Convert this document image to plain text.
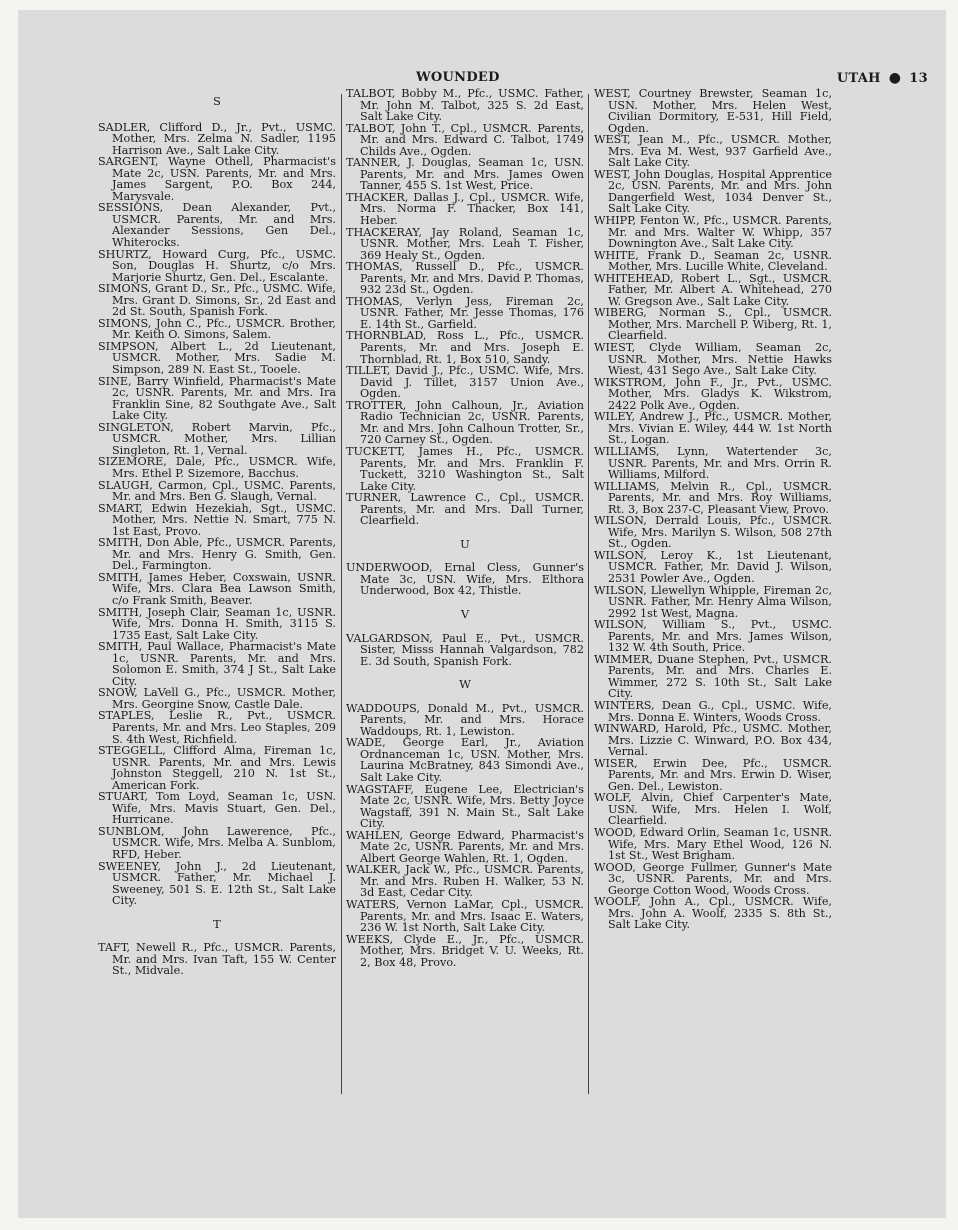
WOUNDED	UTAH ● 13

S

SADLER, Clifford D., Jr., Pvt., USMC. Mother, Mrs. Zelma N. Sadler, 1195 Harrison Ave., Salt Lake City.

SARGENT, Wayne Othell, Pharmacist's Mate 2c, USN. Parents, Mr. and Mrs. James Sargent, P.O. Box 244, Marysvale.

SESSIONS, Dean Alexander, Pvt., USMCR. Parents, Mr. and Mrs. Alexander Sessions, Gen Del., Whiterocks.

SHURTZ, Howard Curg, Pfc., USMC. Son, Douglas H. Shurtz, c/o Mrs. Marjorie Shurtz, Gen. Del., Escalante.

SIMONS, Grant D., Sr., Pfc., USMC. Wife, Mrs. Grant D. Simons, Sr., 2d East and 2d St. South, Spanish Fork.

SIMONS, John C., Pfc., USMCR. Brother, Mr. Keith O. Simons, Salem.

SIMPSON, Albert L., 2d Lieutenant, USMCR. Mother, Mrs. Sadie M. Simpson, 289 N. East St., Tooele.

SINE, Barry Winfield, Pharmacist's Mate 2c, USNR. Parents, Mr. and Mrs. Ira Franklin Sine, 82 Southgate Ave., Salt Lake City.

SINGLETON, Robert Marvin, Pfc., USMCR. Mother, Mrs. Lillian Singleton, Rt. 1, Vernal.

SIZEMORE, Dale, Pfc., USMCR. Wife, Mrs. Ethel P. Sizemore, Bacchus.

SLAUGH, Carmon, Cpl., USMC. Parents, Mr. and Mrs. Ben G. Slaugh, Vernal.

SMART, Edwin Hezekiah, Sgt., USMC. Mother, Mrs. Nettie N. Smart, 775 N. 1st East, Provo.

SMITH, Don Able, Pfc., USMCR. Parents, Mr. and Mrs. Henry G. Smith, Gen. Del., Farmington.

SMITH, James Heber, Coxswain, USNR. Wife, Mrs. Clara Bea Lawson Smith, c/o Frank Smith, Beaver.

SMITH, Joseph Clair, Seaman 1c, USNR. Wife, Mrs. Donna H. Smith, 3115 S. 1735 East, Salt Lake City.

SMITH, Paul Wallace, Pharmacist's Mate 1c, USNR. Parents, Mr. and Mrs. Solomon E. Smith, 374 J St., Salt Lake City.

SNOW, LaVell G., Pfc., USMCR. Mother, Mrs. Georgine Snow, Castle Dale.

STAPLES, Leslie R., Pvt., USMCR. Parents, Mr. and Mrs. Leo Staples, 209 S. 4th West, Richfield.

STEGGELL, Clifford Alma, Fireman 1c, USNR. Parents, Mr. and Mrs. Lewis Johnston Steggell, 210 N. 1st St., American Fork.

STUART, Tom Loyd, Seaman 1c, USN. Wife, Mrs. Mavis Stuart, Gen. Del., Hurricane.

SUNBLOM, John Lawerence, Pfc., USMCR. Wife, Mrs. Melba A. Sunblom, RFD, Heber.

SWEENEY, John J., 2d Lieutenant, USMCR. Father, Mr. Michael J. Sweeney, 501 S. E. 12th St., Salt Lake City.

T

TAFT, Newell R., Pfc., USMCR. Parents, Mr. and Mrs. Ivan Taft, 155 W. Center St., Midvale.

TALBOT, Bobby M., Pfc., USMC. Father, Mr. John M. Talbot, 325 S. 2d East, Salt Lake City.

TALBOT, John T., Cpl., USMCR. Parents, Mr. and Mrs. Edward C. Talbot, 1749 Childs Ave., Ogden.

TANNER, J. Douglas, Seaman 1c, USN. Parents, Mr. and Mrs. James Owen Tanner, 455 S. 1st West, Price.

THACKER, Dallas J., Cpl., USMCR. Wife, Mrs. Norma F. Thacker, Box 141, Heber.

THACKERAY, Jay Roland, Seaman 1c, USNR. Mother, Mrs. Leah T. Fisher, 369 Healy St., Ogden.

THOMAS, Russell D., Pfc., USMCR. Parents, Mr. and Mrs. David P. Thomas, 932 23d St., Ogden.

THOMAS, Verlyn Jess, Fireman 2c, USNR. Father, Mr. Jesse Thomas, 176 E. 14th St., Garfield.

THORNBLAD, Ross L., Pfc., USMCR. Parents, Mr. and Mrs. Joseph E. Thornblad, Rt. 1, Box 510, Sandy.

TILLET, David J., Pfc., USMC. Wife, Mrs. David J. Tillet, 3157 Union Ave., Ogden.

TROTTER, John Calhoun, Jr., Aviation Radio Technician 2c, USNR. Parents, Mr. and Mrs. John Calhoun Trotter, Sr., 720 Carney St., Ogden.

TUCKETT, James H., Pfc., USMCR. Parents, Mr. and Mrs. Franklin F. Tuckett, 3210 Washington St., Salt Lake City.

TURNER, Lawrence C., Cpl., USMCR. Parents, Mr. and Mrs. Dall Turner, Clearfield.

U

UNDERWOOD, Ernal Cless, Gunner's Mate 3c, USN. Wife, Mrs. Elthora Underwood, Box 42, Thistle.

V

VALGARDSON, Paul E., Pvt., USMCR. Sister, Misss Hannah Valgardson, 782 E. 3d South, Spanish Fork.

W

WADDOUPS, Donald M., Pvt., USMCR. Parents, Mr. and Mrs. Horace Waddoups, Rt. 1, Lewiston.

WADE, George Earl, Jr., Aviation Ordnanceman 1c, USN. Mother, Mrs. Laurina McBratney, 843 Simondi Ave., Salt Lake City.

WAGSTAFF, Eugene Lee, Electrician's Mate 2c, USNR. Wife, Mrs. Betty Joyce Wagstaff, 391 N. Main St., Salt Lake City.

WAHLEN, George Edward, Pharmacist's Mate 2c, USNR. Parents, Mr. and Mrs. Albert George Wahlen, Rt. 1, Ogden.

WALKER, Jack W., Pfc., USMCR. Parents, Mr. and Mrs. Ruben H. Walker, 53 N. 3d East, Cedar City.

WATERS, Vernon LaMar, Cpl., USMCR. Parents, Mr. and Mrs. Isaac E. Waters, 236 W. 1st North, Salt Lake City.

WEEKS, Clyde E., Jr., Pfc., USMCR. Mother, Mrs. Bridget V. U. Weeks, Rt. 2, Box 48, Provo.

WEST, Courtney Brewster, Seaman 1c, USN. Mother, Mrs. Helen West, Civilian Dormitory, E-531, Hill Field, Ogden.

WEST, Jean M., Pfc., USMCR. Mother, Mrs. Eva M. West, 937 Garfield Ave., Salt Lake City.

WEST, John Douglas, Hospital Apprentice 2c, USN. Parents, Mr. and Mrs. John Dangerfield West, 1034 Denver St., Salt Lake City.

WHIPP, Fenton W., Pfc., USMCR. Parents, Mr. and Mrs. Walter W. Whipp, 357 Downington Ave., Salt Lake City.

WHITE, Frank D., Seaman 2c, USNR. Mother, Mrs. Lucille White, Cleveland.

WHITEHEAD, Robert L., Sgt., USMCR. Father, Mr. Albert A. Whitehead, 270 W. Gregson Ave., Salt Lake City.

WIBERG, Norman S., Cpl., USMCR. Mother, Mrs. Marchell P. Wiberg, Rt. 1, Clearfield.

WIEST, Clyde William, Seaman 2c, USNR. Mother, Mrs. Nettie Hawks Wiest, 431 Sego Ave., Salt Lake City.

WIKSTROM, John F., Jr., Pvt., USMC. Mother, Mrs. Gladys K. Wikstrom, 2422 Polk Ave., Ogden.

WILEY, Andrew J., Pfc., USMCR. Mother, Mrs. Vivian E. Wiley, 444 W. 1st North St., Logan.

WILLIAMS, Lynn, Watertender 3c, USNR. Parents, Mr. and Mrs. Orrin R. Williams, Milford.

WILLIAMS, Melvin R., Cpl., USMCR. Parents, Mr. and Mrs. Roy Williams, Rt. 3, Box 237-C, Pleasant View, Provo.

WILSON, Derrald Louis, Pfc., USMCR. Wife, Mrs. Marilyn S. Wilson, 508 27th St., Ogden.

WILSON, Leroy K., 1st Lieutenant, USMCR. Father, Mr. David J. Wilson, 2531 Powler Ave., Ogden.

WILSON, Llewellyn Whipple, Fireman 2c, USNR. Father, Mr. Henry Alma Wilson, 2992 1st West, Magna.

WILSON, William S., Pvt., USMC. Parents, Mr. and Mrs. James Wilson, 132 W. 4th South, Price.

WIMMER, Duane Stephen, Pvt., USMCR. Parents, Mr. and Mrs. Charles E. Wimmer, 272 S. 10th St., Salt Lake City.

WINTERS, Dean G., Cpl., USMC. Wife, Mrs. Donna E. Winters, Woods Cross.

WINWARD, Harold, Pfc., USMC. Mother, Mrs. Lizzie C. Winward, P.O. Box 434, Vernal.

WISER, Erwin Dee, Pfc., USMCR. Parents, Mr. and Mrs. Erwin D. Wiser, Gen. Del., Lewiston.

WOLF, Alvin, Chief Carpenter's Mate, USN. Wife, Mrs. Helen I. Wolf, Clearfield.

WOOD, Edward Orlin, Seaman 1c, USNR. Wife, Mrs. Mary Ethel Wood, 126 N. 1st St., West Brigham.

WOOD, George Fullmer, Gunner's Mate 3c, USNR. Parents, Mr. and Mrs. George Cotton Wood, Woods Cross.

WOOLF, John A., Cpl., USMCR. Wife, Mrs. John A. Woolf, 2335 S. 8th St., Salt Lake City.
